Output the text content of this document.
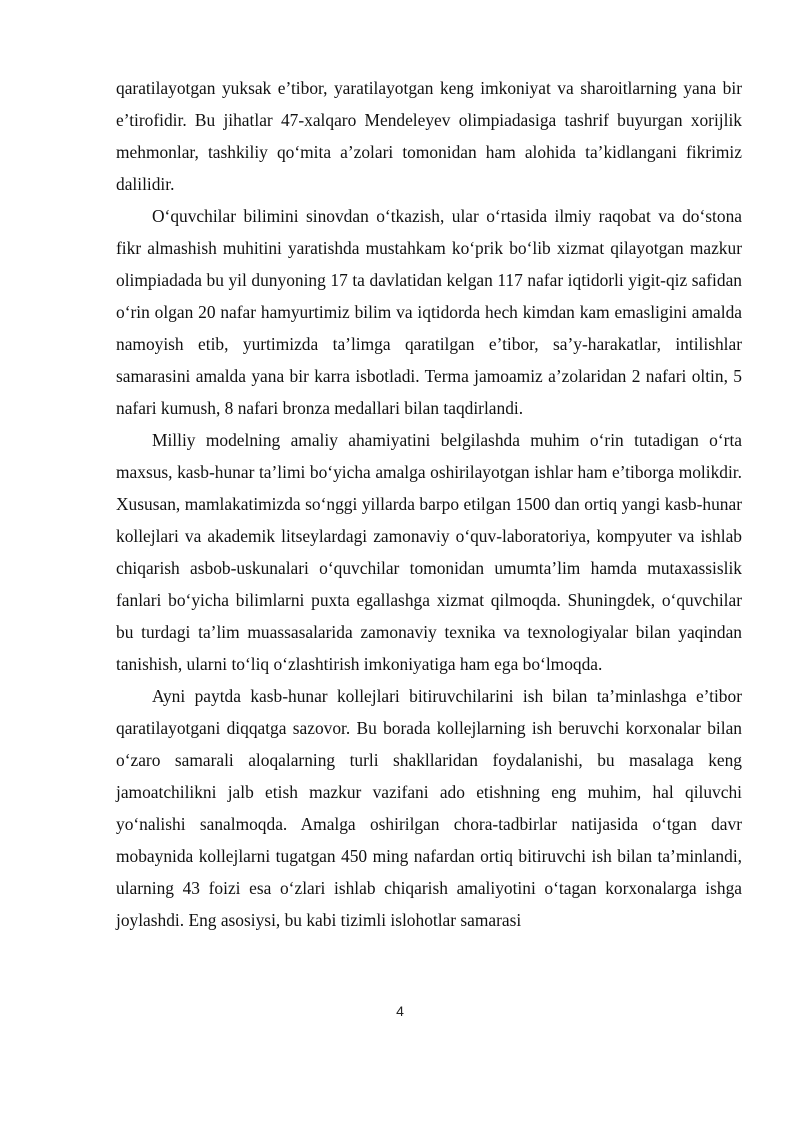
qaratilayotgan yuksak e’tibor, yaratilayotgan keng imkoniyat va sharoitlarning yana bir e’tirofidir. Bu jihatlar 47-xalqaro Mendeleyev olimpiadasiga tashrif buyurgan xorijlik mehmonlar, tashkiliy qo‘mita a’zolari tomonidan ham alohida ta’kidlangani fikrimiz dalilidir.

O‘quvchilar bilimini sinovdan o‘tkazish, ular o‘rtasida ilmiy raqobat va do‘stona fikr almashish muhitini yaratishda mustahkam ko‘prik bo‘lib xizmat qilayotgan mazkur olimpiadada bu yil dunyoning 17 ta davlatidan kelgan 117 nafar iqtidorli yigit-qiz safidan o‘rin olgan 20 nafar hamyurtimiz bilim va iqtidorda hech kimdan kam emasligini amalda namoyish etib, yurtimizda ta’limga qaratilgan e’tibor, sa’y-harakatlar, intilishlar samarasini amalda yana bir karra isbotladi. Terma jamoamiz a’zolaridan 2 nafari oltin, 5 nafari kumush, 8 nafari bronza medallari bilan taqdirlandi.

Milliy modelning amaliy ahamiyatini belgilashda muhim o‘rin tutadigan o‘rta maxsus, kasb-hunar ta’limi bo‘yicha amalga oshirilayotgan ishlar ham e’tiborga molikdir. Xususan, mamlakatimizda so‘nggi yillarda barpo etilgan 1500 dan ortiq yangi kasb-hunar kollejlari va akademik litseylardagi zamonaviy o‘quv-laboratoriya, kompyuter va ishlab chiqarish asbob-uskunalari o‘quvchilar tomonidan umumta’lim hamda mutaxassislik fanlari bo‘yicha bilimlarni puxta egallashga xizmat qilmoqda. Shuningdek, o‘quvchilar bu turdagi ta’lim muassasalarida zamonaviy texnika va texnologiyalar bilan yaqindan tanishish, ularni to‘liq o‘zlashtirish imkoniyatiga ham ega bo‘lmoqda.

Ayni paytda kasb-hunar kollejlari bitiruvchilarini ish bilan ta’minlashga e’tibor qaratilayotgani diqqatga sazovor. Bu borada kollejlarning ish beruvchi korxonalar bilan o‘zaro samarali aloqalarning turli shakllaridan foydalanishi, bu masalaga keng jamoatchilikni jalb etish mazkur vazifani ado etishning eng muhim, hal qiluvchi yo‘nalishi sanalmoqda. Amalga oshirilgan chora-tadbirlar natijasida o‘tgan davr mobaynida kollejlarni tugatgan 450 ming nafardan ortiq bitiruvchi ish bilan ta’minlandi, ularning 43 foizi esa o‘zlari ishlab chiqarish amaliyotini o‘tagan korxonalarga ishga joylashdi. Eng asosiysi, bu kabi tizimli islohotlar samarasi

4
